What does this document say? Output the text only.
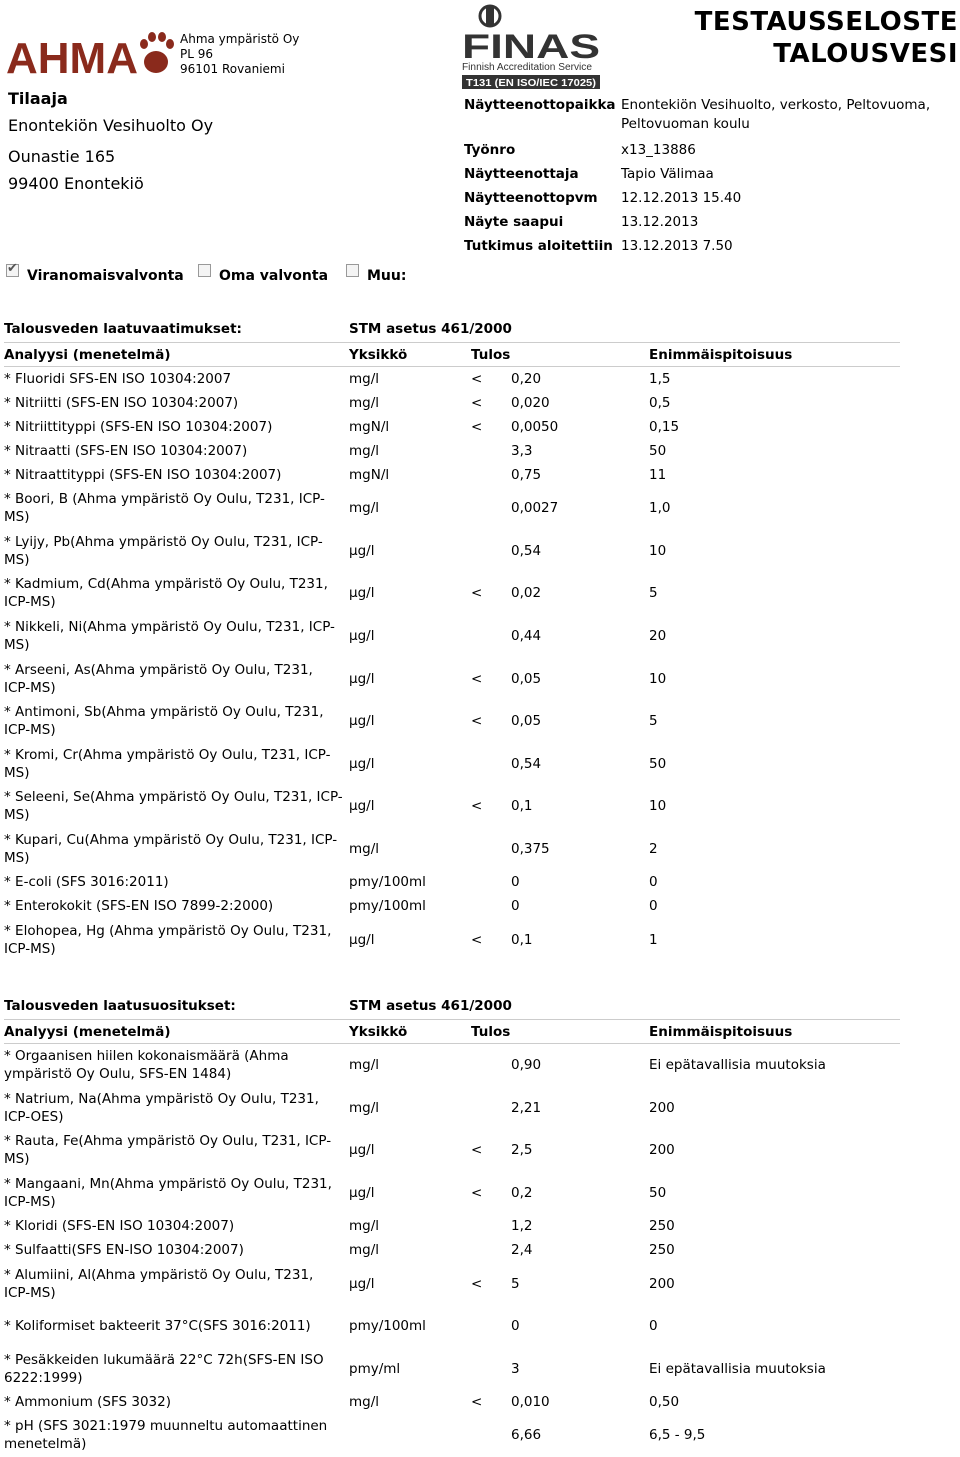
AHMA	Ahma ympäristö Oy
PL 96
96101 Rovaniemi
FINAS
Finnish Accreditation Service
T131 (EN ISO/IEC 17025)
TESTAUSSELOSTE
TALOUSVESI
Tilaaja
Enontekiön Vesihuolto Oy
Ounastie 165
99400 Enontekiö
Näytteenottopaikka Enontekiön Vesihuolto, verkosto, Peltovuoma, Peltovuoman koulu
Työnro	x13_13886
Näytteenottaja	Tapio Välimaa
Näytteenottopvm	12.12.2013 15.40
Näyte saapui	13.12.2013
Tutkimus aloitettiin 13.12.2013 7.50
✔
Viranomaisvalvonta	Oma valvonta	Muu:
Talousveden laatuvaatimukset:	STM asetus 461/2000
Analyysi (menetelmä)	Yksikkö	Tulos	Enimmäispitoisuus
* Fluoridi SFS-EN ISO 10304:2007	mg/l	<	0,20	1,5
* Nitriitti (SFS-EN ISO 10304:2007)	mg/l	<	0,020	0,5
* Nitriittityppi (SFS-EN ISO 10304:2007)	mgN/l	<	0,0050	0,15
* Nitraatti (SFS-EN ISO 10304:2007)	mg/l	3,3	50
* Nitraattityppi (SFS-EN ISO 10304:2007)	mgN/l	0,75	11
* Boori, B (Ahma ympäristö Oy Oulu, T231, ICP-MS)
mg/l	0,0027	1,0
* Lyijy, Pb(Ahma ympäristö Oy Oulu, T231, ICP-MS)
µg/l	0,54	10
* Kadmium, Cd(Ahma ympäristö Oy Oulu, T231, ICP-MS)
µg/l	<	0,02	5
* Nikkeli, Ni(Ahma ympäristö Oy Oulu, T231, ICP-MS)
µg/l	0,44	20
* Arseeni, As(Ahma ympäristö Oy Oulu, T231, ICP-MS)
µg/l	<	0,05	10
* Antimoni, Sb(Ahma ympäristö Oy Oulu, T231, ICP-MS)
µg/l	<	0,05	5
* Kromi, Cr(Ahma ympäristö Oy Oulu, T231, ICP-MS)
µg/l	0,54	50
* Seleeni, Se(Ahma ympäristö Oy Oulu, T231, ICP-MS)
µg/l	<	0,1	10
* Kupari, Cu(Ahma ympäristö Oy Oulu, T231, ICP-MS)
mg/l	0,375	2
* E-coli (SFS 3016:2011)	pmy/100ml	0	0
* Enterokokit (SFS-EN ISO 7899-2:2000)	pmy/100ml	0	0
* Elohopea, Hg (Ahma ympäristö Oy Oulu, T231, ICP-MS)
µg/l	<	0,1	1
Talousveden laatusuositukset:	STM asetus 461/2000
Analyysi (menetelmä)	Yksikkö	Tulos	Enimmäispitoisuus
* Orgaanisen hiilen kokonaismäärä (Ahma ympäristö Oy Oulu, SFS-EN 1484)
mg/l	0,90	Ei epätavallisia muutoksia
* Natrium, Na(Ahma ympäristö Oy Oulu, T231, ICP-OES)
mg/l	2,21	200
* Rauta, Fe(Ahma ympäristö Oy Oulu, T231, ICP-MS)
µg/l	<	2,5	200
* Mangaani, Mn(Ahma ympäristö Oy Oulu, T231, ICP-MS)
µg/l	<	0,2	50
* Kloridi (SFS-EN ISO 10304:2007)	mg/l	1,2	250
* Sulfaatti(SFS EN-ISO 10304:2007)	mg/l	2,4	250
* Alumiini, Al(Ahma ympäristö Oy Oulu, T231, ICP-MS)
µg/l	<	5	200
* Koliformiset bakteerit 37°C(SFS 3016:2011)	pmy/100ml	0	0
* Pesäkkeiden lukumäärä 22°C 72h(SFS-EN ISO 6222:1999)
pmy/ml	3	Ei epätavallisia muutoksia
* Ammonium (SFS 3032)	mg/l	<	0,010	0,50
* pH (SFS 3021:1979 muunneltu automaattinen menetelmä)
6,66	6,5 - 9,5
